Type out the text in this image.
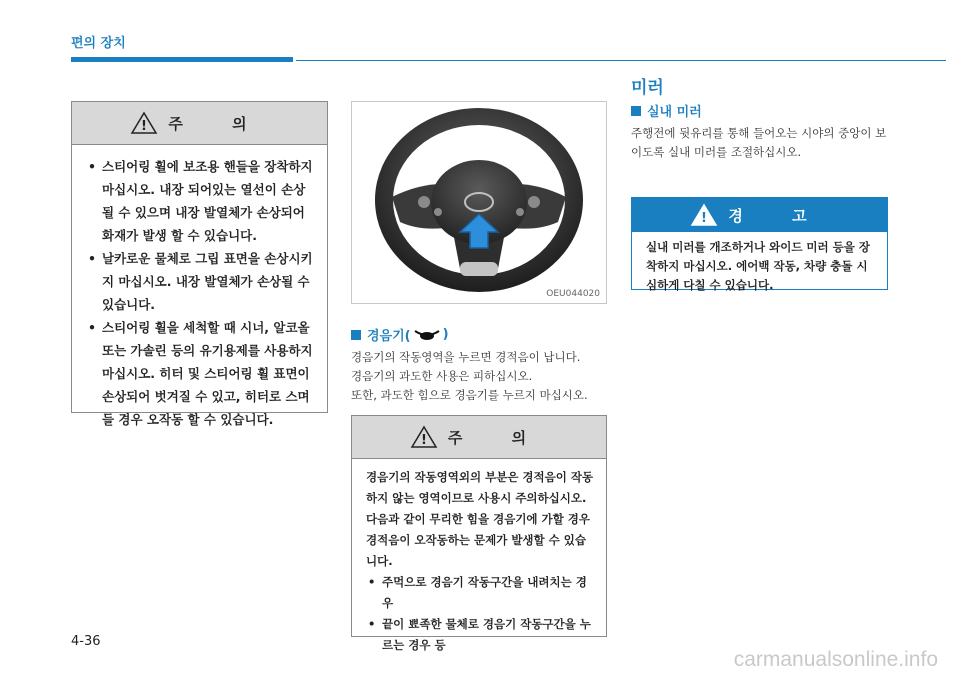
편의 장치
! 주 의
• 스티어링 휠에 보조용 핸들을 장착하지 마십시오. 내장 되어있는 열선이 손상될 수 있으며 내장 발열체가 손상되어 화재가 발생 할 수 있습니다.
• 날카로운 물체로 그립 표면을 손상시키지 마십시오. 내장 발열체가 손상될 수 있습니다.
• 스티어링 휠을 세척할 때 시너, 알코올 또는 가솔린 등의 유기용제를 사용하지 마십시오. 히터 및 스티어링 휠 표면이 손상되어 벗겨질 수 있고, 히터로 스며들 경우 오작동 할 수 있습니다.
OEU044020
경음기( )
경음기의 작동영역을 누르면 경적음이 납니다.
경음기의 과도한 사용은 피하십시오.
또한, 과도한 힘으로 경음기를 누르지 마십시오.
! 주 의

경음기의 작동영역외의 부분은 경적음이 작동하지 않는 영역이므로 사용시 주의하십시오.

다음과 같이 무리한 힘을 경음기에 가할 경우 경적음이 오작동하는 문제가 발생할 수 있습니다.

• 주먹으로 경음기 작동구간을 내려치는 경우
• 끝이 뾰족한 물체로 경음기 작동구간을 누르는 경우 등
미러
실내 미러
주행전에 뒷유리를 통해 들어오는 시야의 중앙이 보이도록 실내 미러를 조절하십시오.
! 경 고
실내 미러를 개조하거나 와이드 미러 등을 장착하지 마십시오. 에어백 작동, 차량 충돌 시 심하게 다칠 수 있습니다.
4-36
carmanualsonline.info
